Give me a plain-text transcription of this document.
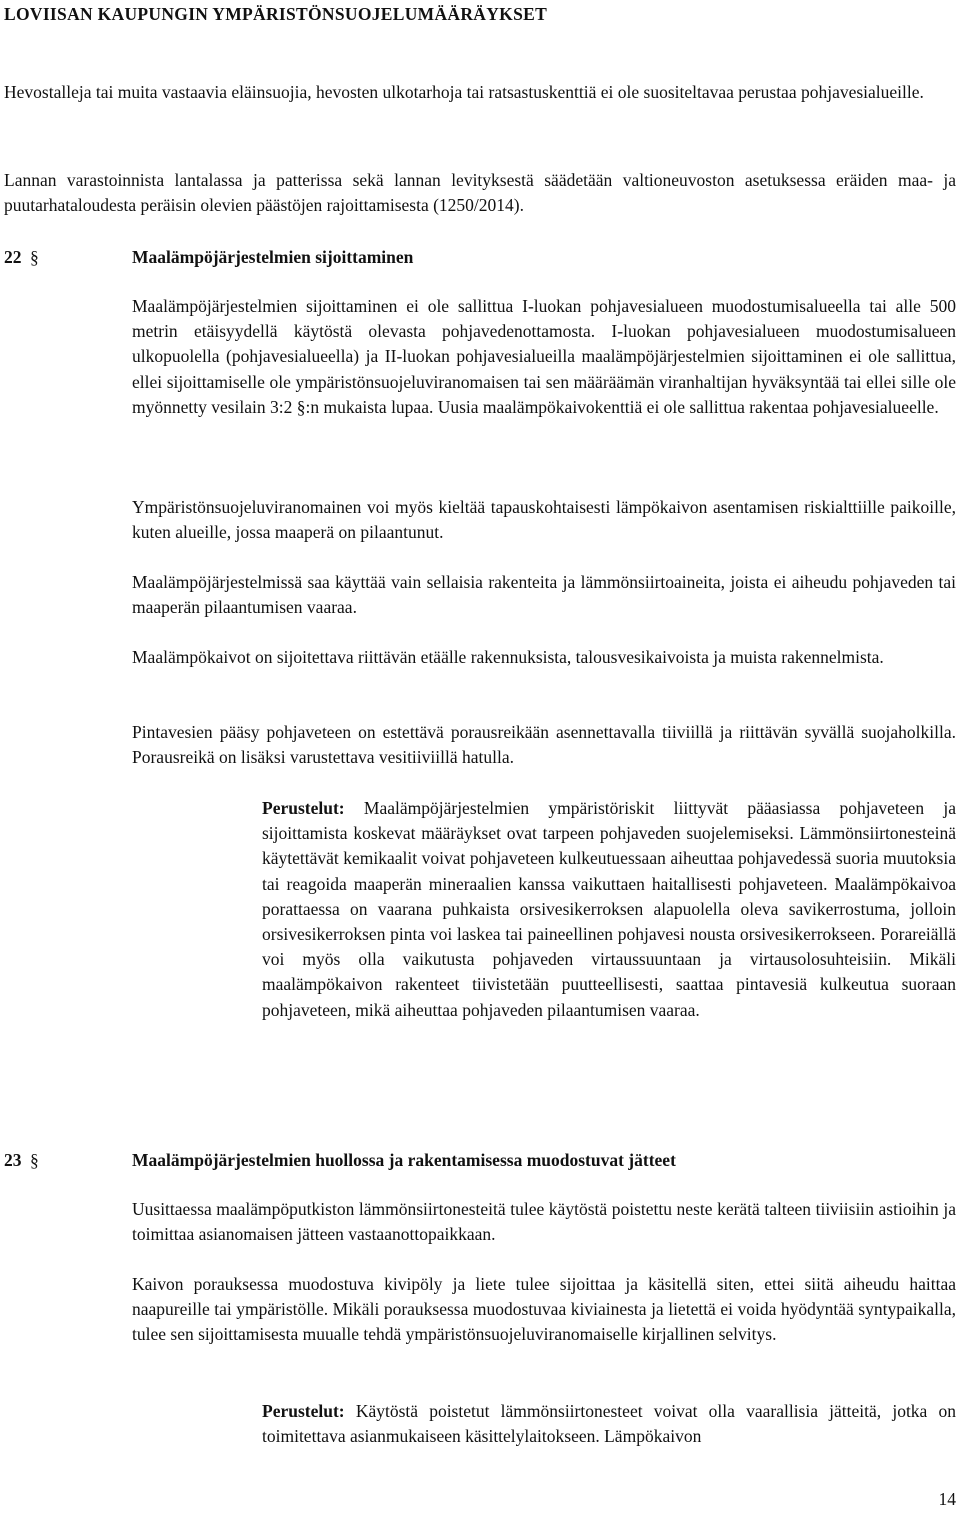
LOVIISAN KAUPUNGIN YMPÄRISTÖNSUOJELUMÄÄRÄYKSET

Hevostalleja tai muita vastaavia eläinsuojia, hevosten ulkotarhoja tai ratsastuskenttiä ei ole suositeltavaa perustaa pohjavesialueille.

Lannan varastoinnista lantalassa ja patterissa sekä lannan levityksestä säädetään valtioneuvoston asetuksessa eräiden maa- ja puutarhataloudesta peräisin olevien päästöjen rajoittamisesta (1250/2014).

22 §	Maalämpöjärjestelmien sijoittaminen

Maalämpöjärjestelmien sijoittaminen ei ole sallittua I-luokan pohjavesialueen muodostumisalueella tai alle 500 metrin etäisyydellä käytöstä olevasta pohjavedenottamosta. I-luokan pohjavesialueen muodostumisalueen ulkopuolella (pohjavesialueella) ja II-luokan pohjavesialueilla maalämpöjärjestelmien sijoittaminen ei ole sallittua, ellei sijoittamiselle ole ympäristönsuojeluviranomaisen tai sen määräämän viranhaltijan hyväksyntää tai ellei sille ole myönnetty vesilain 3:2 §:n mukaista lupaa. Uusia maalämpökaivokenttiä ei ole sallittua rakentaa pohjavesialueelle.

Ympäristönsuojeluviranomainen voi myös kieltää tapauskohtaisesti lämpökaivon asentamisen riskialttiille paikoille, kuten alueille, jossa maaperä on pilaantunut.

Maalämpöjärjestelmissä saa käyttää vain sellaisia rakenteita ja lämmönsiirtoaineita, joista ei aiheudu pohjaveden tai maaperän pilaantumisen vaaraa.

Maalämpökaivot on sijoitettava riittävän etäälle rakennuksista, talousvesikaivoista ja muista rakennelmista.

Pintavesien pääsy pohjaveteen on estettävä porausreikään asennettavalla tiiviillä ja riittävän syvällä suojaholkilla. Porausreikä on lisäksi varustettava vesitiiviillä hatulla.

Perustelut: Maalämpöjärjestelmien ympäristöriskit liittyvät pääasiassa pohjaveteen ja sijoittamista koskevat määräykset ovat tarpeen pohjaveden suojelemiseksi. Lämmönsiirtonesteinä käytettävät kemikaalit voivat pohjaveteen kulkeutuessaan aiheuttaa pohjavedessä suoria muutoksia tai reagoida maaperän mineraalien kanssa vaikuttaen haitallisesti pohjaveteen. Maalämpökaivoa porattaessa on vaarana puhkaista orsivesikerroksen alapuolella oleva savikerrostuma, jolloin orsivesikerroksen pinta voi laskea tai paineellinen pohjavesi nousta orsivesikerrokseen. Porareiällä voi myös olla vaikutusta pohjaveden virtaussuuntaan ja virtausolosuhteisiin. Mikäli maalämpökaivon rakenteet tiivistetään puutteellisesti, saattaa pintavesiä kulkeutua suoraan pohjaveteen, mikä aiheuttaa pohjaveden pilaantumisen vaaraa.

23 §	Maalämpöjärjestelmien huollossa ja rakentamisessa muodostuvat jätteet

Uusittaessa maalämpöputkiston lämmönsiirtonesteitä tulee käytöstä poistettu neste kerätä talteen tiiviisiin astioihin ja toimittaa asianomaisen jätteen vastaanottopaikkaan.

Kaivon porauksessa muodostuva kivipöly ja liete tulee sijoittaa ja käsitellä siten, ettei siitä aiheudu haittaa naapureille tai ympäristölle. Mikäli porauksessa muodostuvaa kiviainesta ja lietettä ei voida hyödyntää syntypaikalla, tulee sen sijoittamisesta muualle tehdä ympäristönsuojeluviranomaiselle kirjallinen selvitys.

Perustelut: Käytöstä poistetut lämmönsiirtonesteet voivat olla vaarallisia jätteitä, jotka on toimitettava asianmukaiseen käsittelylaitokseen. Lämpökaivon

14
